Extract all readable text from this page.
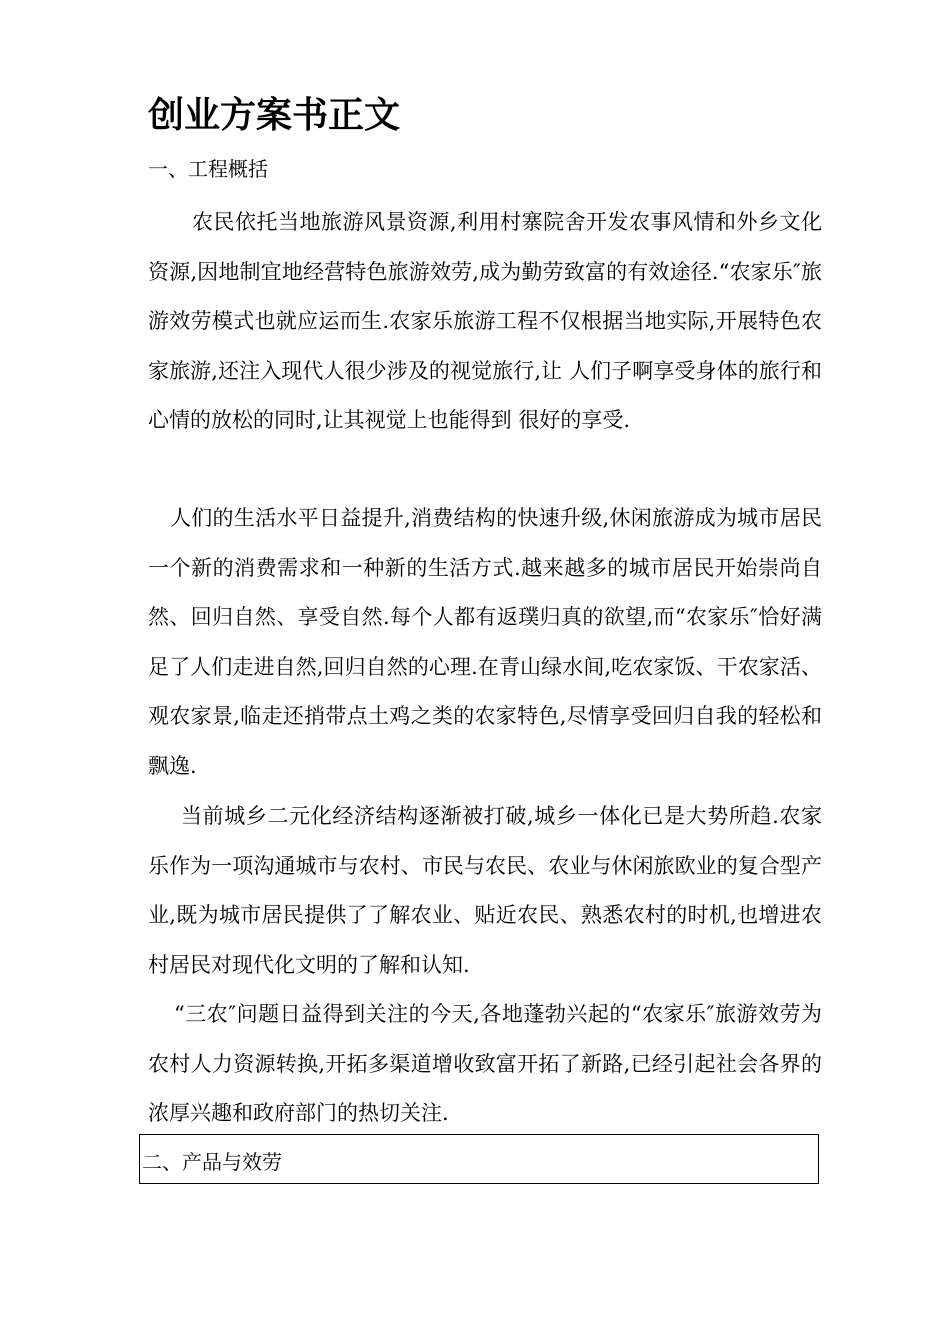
创业方案书正文
一、工程概括

农民依托当地旅游风景资源,利用村寨院舍开发农事风情和外乡文化资源,因地制宜地经营特色旅游效劳,成为勤劳致富的有效途径.“农家乐″旅游效劳模式也就应运而生.农家乐旅游工程不仅根据当地实际,开展特色农家旅游,还注入现代人很少涉及的视觉旅行,让 人们子啊享受身体的旅行和心情的放松的同时,让其视觉上也能得到 很好的享受.

人们的生活水平日益提升,消费结构的快速升级,休闲旅游成为城市居民一个新的消费需求和一种新的生活方式.越来越多的城市居民开始崇尚自然、回归自然、享受自然.每个人都有返璞归真的欲望,而“农家乐″恰好满足了人们走进自然,回归自然的心理.在青山绿水间,吃农家饭、干农家活、观农家景,临走还捎带点土鸡之类的农家特色,尽情享受回归自我的轻松和飘逸.

当前城乡二元化经济结构逐渐被打破,城乡一体化已是大势所趋.农家乐作为一项沟通城市与农村、市民与农民、农业与休闲旅欧业的复合型产业,既为城市居民提供了了解农业、贴近农民、熟悉农村的时机,也增进农村居民对现代化文明的了解和认知.

“三农″问题日益得到关注的今天,各地蓬勃兴起的“农家乐″旅游效劳为农村人力资源转换,开拓多渠道增收致富开拓了新路,已经引起社会各界的浓厚兴趣和政府部门的热切关注.

二、产品与效劳
